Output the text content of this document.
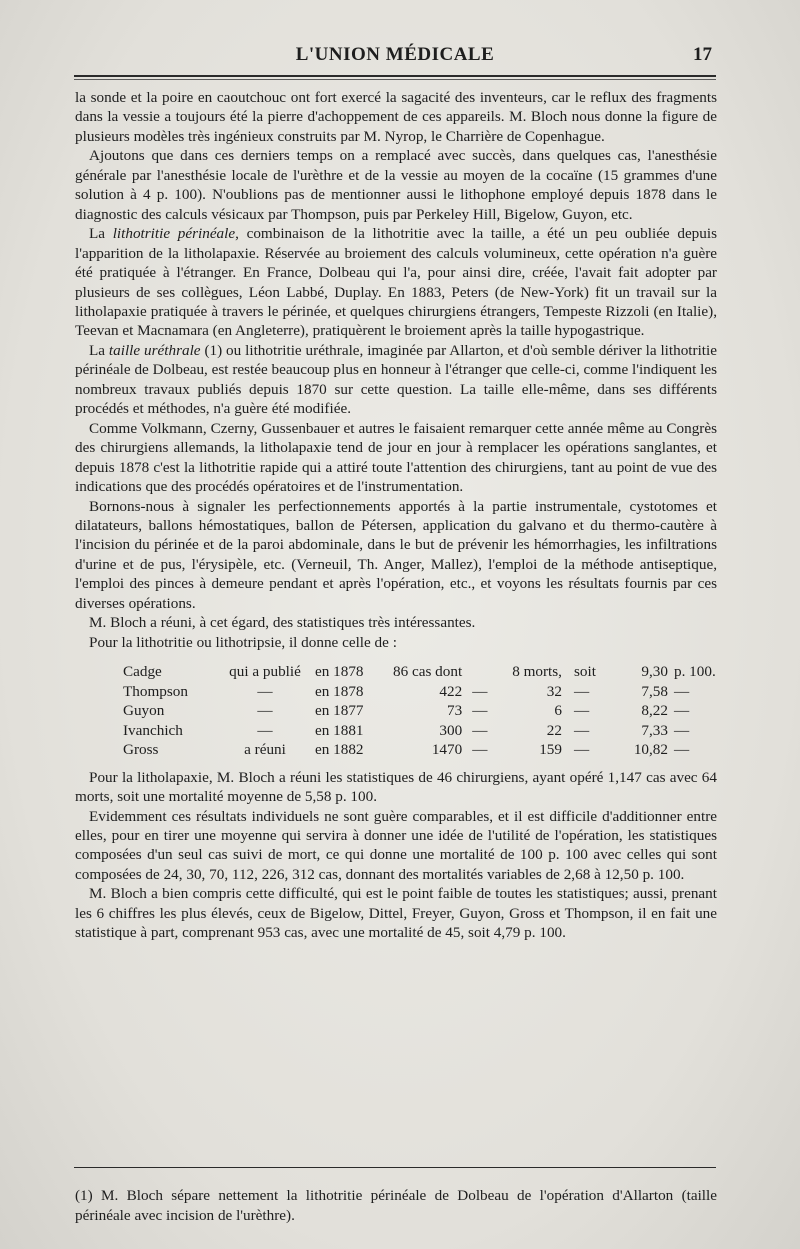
L'UNION MÉDICALE	17

la sonde et la poire en caoutchouc ont fort exercé la sagacité des inventeurs, car le reflux des fragments dans la vessie a toujours été la pierre d'achoppement de ces appareils. M. Bloch nous donne la figure de plusieurs modèles très ingénieux construits par M. Nyrop, le Charrière de Copenhague.

Ajoutons que dans ces derniers temps on a remplacé avec succès, dans quelques cas, l'anesthésie générale par l'anesthésie locale de l'urèthre et de la vessie au moyen de la cocaïne (15 grammes d'une solution à 4 p. 100). N'oublions pas de mentionner aussi le lithophone employé depuis 1878 dans le diagnostic des calculs vésicaux par Thompson, puis par Perkeley Hill, Bigelow, Guyon, etc.

La lithotritie périnéale, combinaison de la lithotritie avec la taille, a été un peu oubliée depuis l'apparition de la litholapaxie. Réservée au broiement des calculs volumineux, cette opération n'a guère été pratiquée à l'étranger. En France, Dolbeau qui l'a, pour ainsi dire, créée, l'avait fait adopter par plusieurs de ses collègues, Léon Labbé, Duplay. En 1883, Peters (de New-York) fit un travail sur la litholapaxie pratiquée à travers le périnée, et quelques chirurgiens étrangers, Tempeste Rizzoli (en Italie), Teevan et Macnamara (en Angleterre), pratiquèrent le broiement après la taille hypogastrique.

La taille uréthrale (1) ou lithotritie uréthrale, imaginée par Allarton, et d'où semble dériver la lithotritie périnéale de Dolbeau, est restée beaucoup plus en honneur à l'étranger que celle-ci, comme l'indiquent les nombreux travaux publiés depuis 1870 sur cette question. La taille elle-même, dans ses différents procédés et méthodes, n'a guère été modifiée.

Comme Volkmann, Czerny, Gussenbauer et autres le faisaient remarquer cette année même au Congrès des chirurgiens allemands, la litholapaxie tend de jour en jour à remplacer les opérations sanglantes, et depuis 1878 c'est la lithotritie rapide qui a attiré toute l'attention des chirurgiens, tant au point de vue des indications que des procédés opératoires et de l'instrumentation.

Bornons-nous à signaler les perfectionnements apportés à la partie instrumentale, cystotomes et dilatateurs, ballons hémostatiques, ballon de Pétersen, application du galvano et du thermo-cautère à l'incision du périnée et de la paroi abdominale, dans le but de prévenir les hémorrhagies, les infiltrations d'urine et de pus, l'érysipèle, etc. (Verneuil, Th. Anger, Mallez), l'emploi de la méthode antiseptique, l'emploi des pinces à demeure pendant et après l'opération, etc., et voyons les résultats fournis par ces diverses opérations.

M. Bloch a réuni, à cet égard, des statistiques très intéressantes.

Pour la lithotritie ou lithotripsie, il donne celle de :

Cadge	qui a publié	en 1878	86 cas dont		8 morts,	soit	9,30	p. 100.
Thompson	—	en 1878	422	—	32	—	7,58	—
Guyon	—	en 1877	73	—	6	—	8,22	—
Ivanchich	—	en 1881	300	—	22	—	7,33	—
Gross	a réuni	en 1882	1470	—	159	—	10,82	—

Pour la litholapaxie, M. Bloch a réuni les statistiques de 46 chirurgiens, ayant opéré 1,147 cas avec 64 morts, soit une mortalité moyenne de 5,58 p. 100.

Evidemment ces résultats individuels ne sont guère comparables, et il est difficile d'additionner entre elles, pour en tirer une moyenne qui servira à donner une idée de l'utilité de l'opération, les statistiques composées d'un seul cas suivi de mort, ce qui donne une mortalité de 100 p. 100 avec celles qui sont composées de 24, 30, 70, 112, 226, 312 cas, donnant des mortalités variables de 2,68 à 12,50 p. 100.

M. Bloch a bien compris cette difficulté, qui est le point faible de toutes les statistiques; aussi, prenant les 6 chiffres les plus élevés, ceux de Bigelow, Dittel, Freyer, Guyon, Gross et Thompson, il en fait une statistique à part, comprenant 953 cas, avec une mortalité de 45, soit 4,79 p. 100.

(1) M. Bloch sépare nettement la lithotritie périnéale de Dolbeau de l'opération d'Allarton (taille périnéale avec incision de l'urèthre).
